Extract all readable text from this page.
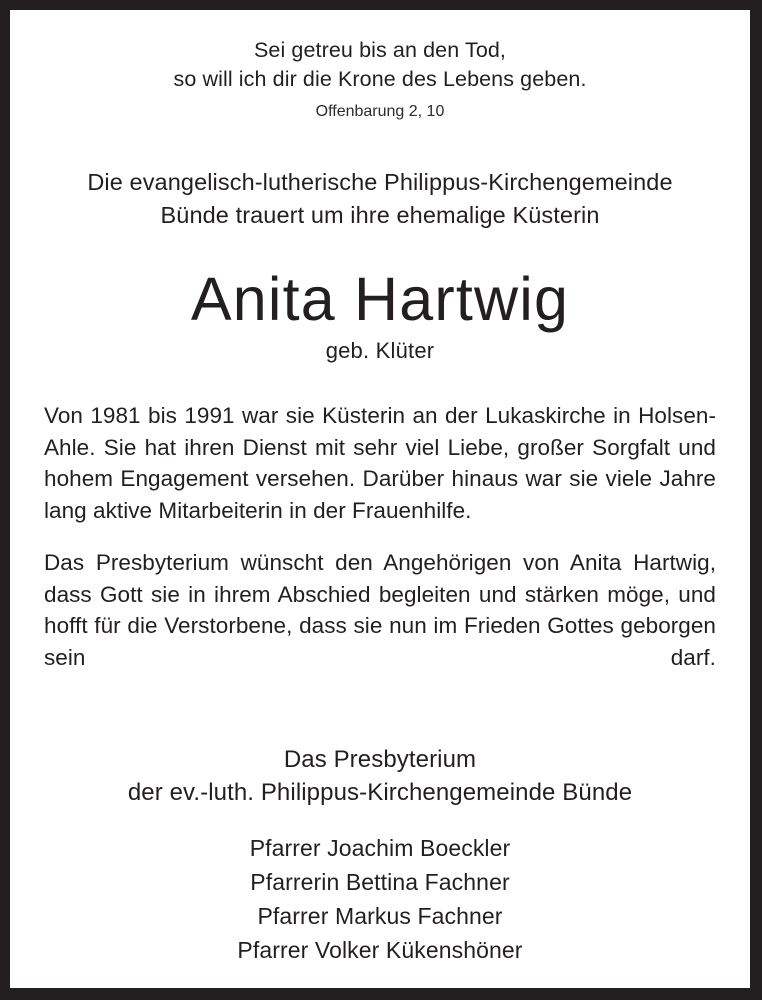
Sei getreu bis an den Tod,
so will ich dir die Krone des Lebens geben.
Offenbarung 2, 10
Die evangelisch-lutherische Philippus-Kirchengemeinde
Bünde trauert um ihre ehemalige Küsterin
Anita Hartwig
geb. Klüter

Von 1981 bis 1991 war sie Küsterin an der Lukaskirche in Holsen-Ahle. Sie hat ihren Dienst mit sehr viel Liebe, großer Sorgfalt und hohem Engagement versehen. Darüber hinaus war sie viele Jahre lang aktive Mitarbeiterin in der Frauenhilfe.

Das Presbyterium wünscht den Angehörigen von Anita Hartwig, dass Gott sie in ihrem Abschied begleiten und stärken möge, und hofft für die Verstorbene, dass sie nun im Frieden Gottes geborgen sein darf.

Das Presbyterium
der ev.-luth. Philippus-Kirchengemeinde Bünde
Pfarrer Joachim Boeckler
Pfarrerin Bettina Fachner
Pfarrer Markus Fachner
Pfarrer Volker Kükenshöner
